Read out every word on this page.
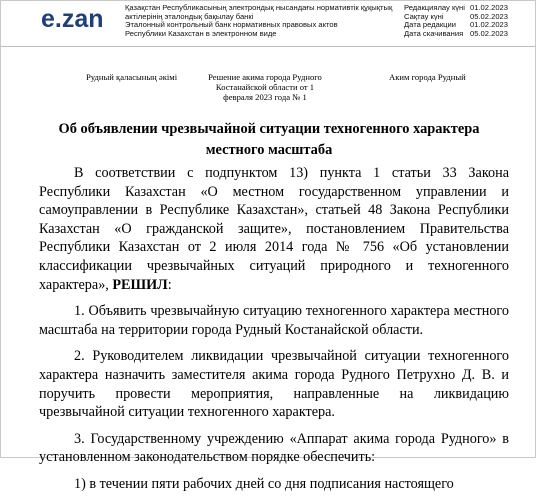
e.zan	Қазақстан Республикасының электрондық нысандағы нормативтік құқықтық
актілерінің эталондық бақылау банкі
Эталонный контрольный банк нормативных правовых актов
Республики Казахстан в электронном виде
Редакциялау күні 01.02.2023
Сақтау күні	05.02.2023
Дата редакции	01.02.2023
Дата скачивания 05.02.2023
Рудный қаласының әкімі	Решение акима города Рудного
Костанайской области от 1
февраля 2023 года № 1
Аким города Рудный
Об объявлении чрезвычайной ситуации техногенного характера местного масштаба

В соответствии с подпунктом 13) пункта 1 статьи 33 Закона Республики Казахстан «О местном государственном управлении и самоуправлении в Республике Казахстан», статьей 48 Закона Республики Казахстан «О гражданской защите», постановлением Правительства Республики Казахстан от 2 июля 2014 года № 756 «Об установлении классификации чрезвычайных ситуаций природного и техногенного характера», РЕШИЛ:

1. Объявить чрезвычайную ситуацию техногенного характера местного масштаба на территории города Рудный Костанайской области.

2. Руководителем ликвидации чрезвычайной ситуации техногенного характера назначить заместителя акима города Рудного Петрухно Д. В. и поручить провести мероприятия, направленные на ликвидацию чрезвычайной ситуации техногенного характера.

3. Государственному учреждению «Аппарат акима города Рудного» в установленном законодательством порядке обеспечить:

1) в течении пяти рабочих дней со дня подписания настоящего
